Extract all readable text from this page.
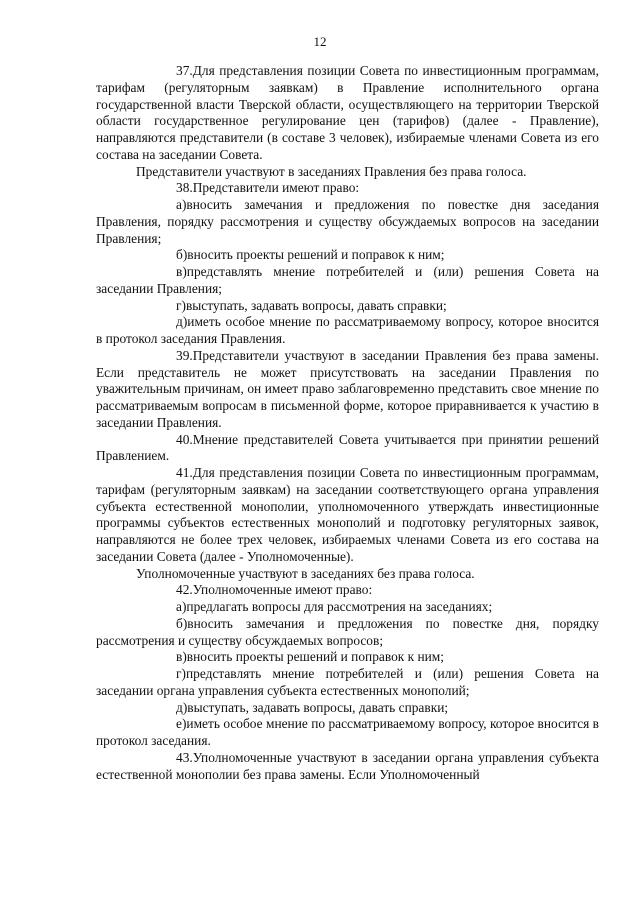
12

37.Для представления позиции Совета по инвестиционным программам, тарифам (регуляторным заявкам) в Правление исполнительного органа государственной власти Тверской области, осуществляющего на территории Тверской области государственное регулирование цен (тарифов) (далее - Правление), направляются представители (в составе 3 человек), избираемые членами Совета из его состава на заседании Совета.

Представители участвуют в заседаниях Правления без права голоса.

38.Представители имеют право:

а)вносить замечания и предложения по повестке дня заседания Правления, порядку рассмотрения и существу обсуждаемых вопросов на заседании Правления;

б)вносить проекты решений и поправок к ним;

в)представлять мнение потребителей и (или) решения Совета на заседании Правления;

г)выступать, задавать вопросы, давать справки;

д)иметь особое мнение по рассматриваемому вопросу, которое вносится в протокол заседания Правления.

39.Представители участвуют в заседании Правления без права замены. Если представитель не может присутствовать на заседании Правления по уважительным причинам, он имеет право заблаговременно представить свое мнение по рассматриваемым вопросам в письменной форме, которое приравнивается к участию в заседании Правления.

40.Мнение представителей Совета учитывается при принятии решений Правлением.

41.Для представления позиции Совета по инвестиционным программам, тарифам (регуляторным заявкам) на заседании соответствующего органа управления субъекта естественной монополии, уполномоченного утверждать инвестиционные программы субъектов естественных монополий и подготовку регуляторных заявок, направляются не более трех человек, избираемых членами Совета из его состава на заседании Совета (далее - Уполномоченные).

Уполномоченные участвуют в заседаниях без права голоса.

42.Уполномоченные имеют право:

а)предлагать вопросы для рассмотрения на заседаниях;

б)вносить замечания и предложения по повестке дня, порядку рассмотрения и существу обсуждаемых вопросов;

в)вносить проекты решений и поправок к ним;

г)представлять мнение потребителей и (или) решения Совета на заседании органа управления субъекта естественных монополий;

д)выступать, задавать вопросы, давать справки;

е)иметь особое мнение по рассматриваемому вопросу, которое вносится в протокол заседания.

43.Уполномоченные участвуют в заседании органа управления субъекта естественной монополии без права замены. Если Уполномоченный
